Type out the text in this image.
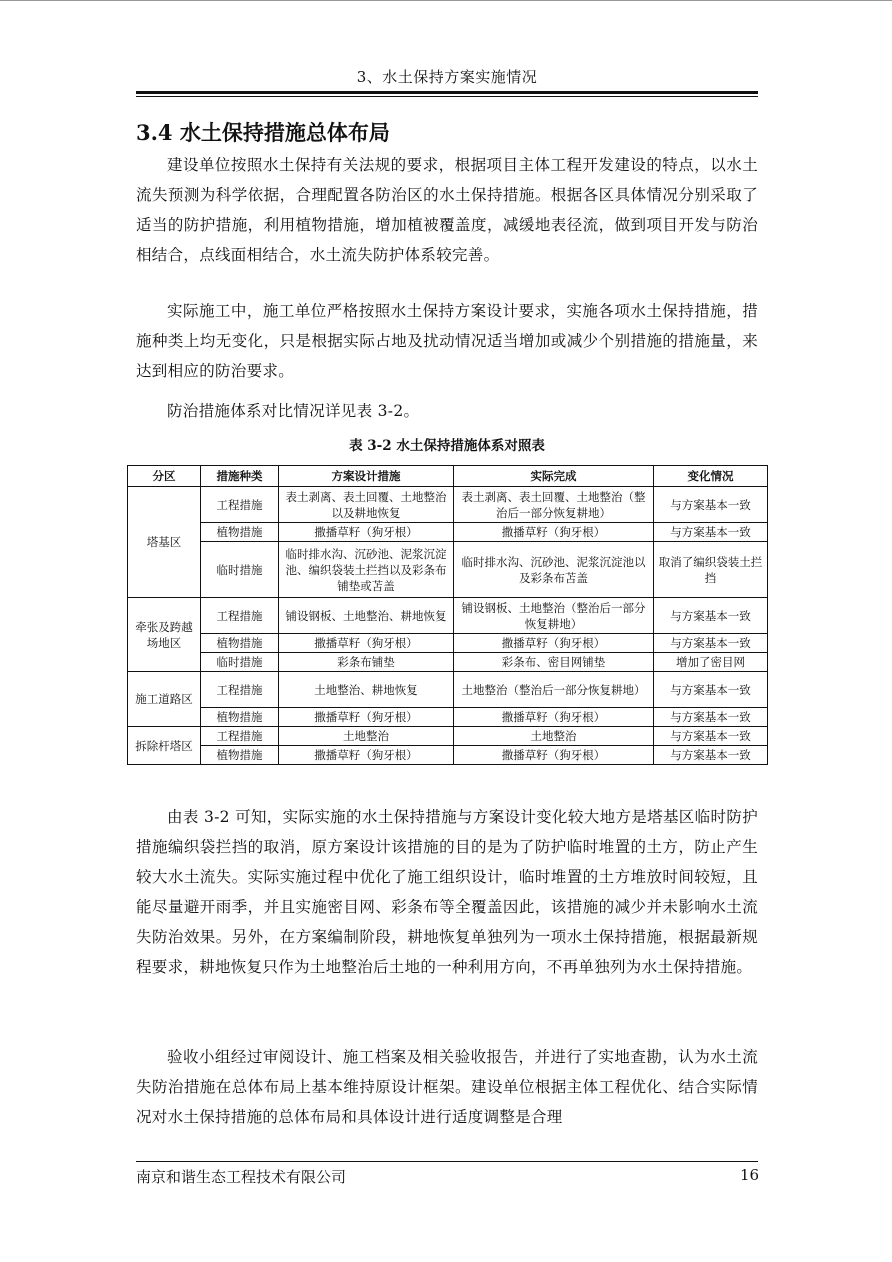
3、水土保持方案实施情况
3.4 水土保持措施总体布局

建设单位按照水土保持有关法规的要求，根据项目主体工程开发建设的特点，以水土流失预测为科学依据，合理配置各防治区的水土保持措施。根据各区具体情况分别采取了适当的防护措施，利用植物措施，增加植被覆盖度，减缓地表径流，做到项目开发与防治相结合，点线面相结合，水土流失防护体系较完善。

实际施工中，施工单位严格按照水土保持方案设计要求，实施各项水土保持措施，措施种类上均无变化，只是根据实际占地及扰动情况适当增加或减少个别措施的措施量，来达到相应的防治要求。

防治措施体系对比情况详见表 3-2。

表 3-2 水土保持措施体系对照表
分区	措施种类	方案设计措施	实际完成	变化情况
塔基区	工程措施	表土剥离、表土回覆、土地整治以及耕地恢复	表土剥离、表土回覆、土地整治（整治后一部分恢复耕地）	与方案基本一致
	植物措施	撒播草籽（狗牙根）	撒播草籽（狗牙根）	与方案基本一致
	临时措施	临时排水沟、沉砂池、泥浆沉淀池、编织袋装土拦挡以及彩条布铺垫或苫盖	临时排水沟、沉砂池、泥浆沉淀池以及彩条布苫盖	取消了编织袋装土拦挡
牵张及跨越场地区	工程措施	铺设钢板、土地整治、耕地恢复	铺设钢板、土地整治（整治后一部分恢复耕地）	与方案基本一致
	植物措施	撒播草籽（狗牙根）	撒播草籽（狗牙根）	与方案基本一致
	临时措施	彩条布铺垫	彩条布、密目网铺垫	增加了密目网
施工道路区	工程措施	土地整治、耕地恢复	土地整治（整治后一部分恢复耕地）	与方案基本一致
	植物措施	撒播草籽（狗牙根）	撒播草籽（狗牙根）	与方案基本一致
拆除杆塔区	工程措施	土地整治	土地整治	与方案基本一致
	植物措施	撒播草籽（狗牙根）	撒播草籽（狗牙根）	与方案基本一致

由表 3-2 可知，实际实施的水土保持措施与方案设计变化较大地方是塔基区临时防护措施编织袋拦挡的取消，原方案设计该措施的目的是为了防护临时堆置的土方，防止产生较大水土流失。实际实施过程中优化了施工组织设计，临时堆置的土方堆放时间较短，且能尽量避开雨季，并且实施密目网、彩条布等全覆盖因此，该措施的减少并未影响水土流失防治效果。另外，在方案编制阶段，耕地恢复单独列为一项水土保持措施，根据最新规程要求，耕地恢复只作为土地整治后土地的一种利用方向，不再单独列为水土保持措施。

验收小组经过审阅设计、施工档案及相关验收报告，并进行了实地查勘，认为水土流失防治措施在总体布局上基本维持原设计框架。建设单位根据主体工程优化、结合实际情况对水土保持措施的总体布局和具体设计进行适度调整是合理

南京和谐生态工程技术有限公司	16
